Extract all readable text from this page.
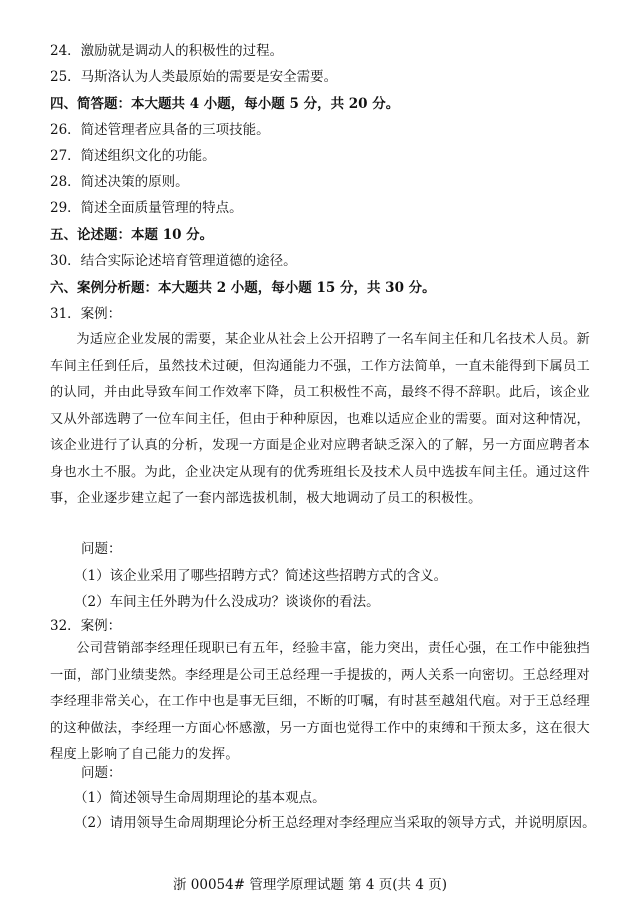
24．激励就是调动人的积极性的过程。
25．马斯洛认为人类最原始的需要是安全需要。
四、简答题：本大题共 4 小题，每小题 5 分，共 20 分。
26．简述管理者应具备的三项技能。
27．简述组织文化的功能。
28．简述决策的原则。
29．简述全面质量管理的特点。
五、论述题：本题 10 分。
30．结合实际论述培育管理道德的途径。
六、案例分析题：本大题共 2 小题，每小题 15 分，共 30 分。
31．案例：
为适应企业发展的需要，某企业从社会上公开招聘了一名车间主任和几名技术人员。新车间主任到任后，虽然技术过硬，但沟通能力不强，工作方法简单，一直未能得到下属员工的认同，并由此导致车间工作效率下降，员工积极性不高，最终不得不辞职。此后，该企业又从外部选聘了一位车间主任，但由于种种原因，也难以适应企业的需要。面对这种情况，该企业进行了认真的分析，发现一方面是企业对应聘者缺乏深入的了解，另一方面应聘者本身也水土不服。为此，企业决定从现有的优秀班组长及技术人员中选拔车间主任。通过这件事，企业逐步建立起了一套内部选拔机制，极大地调动了员工的积极性。
问题：
（1）该企业采用了哪些招聘方式？简述这些招聘方式的含义。
（2）车间主任外聘为什么没成功？谈谈你的看法。
32．案例：
公司营销部李经理任现职已有五年，经验丰富，能力突出，责任心强，在工作中能独挡一面，部门业绩斐然。李经理是公司王总经理一手提拔的，两人关系一向密切。王总经理对李经理非常关心，在工作中也是事无巨细，不断的叮嘱，有时甚至越俎代庖。对于王总经理的这种做法，李经理一方面心怀感激，另一方面也觉得工作中的束缚和干预太多，这在很大程度上影响了自己能力的发挥。
问题：
（1）简述领导生命周期理论的基本观点。
（2）请用领导生命周期理论分析王总经理对李经理应当采取的领导方式，并说明原因。
浙 00054# 管理学原理试题 第 4 页(共 4 页)
